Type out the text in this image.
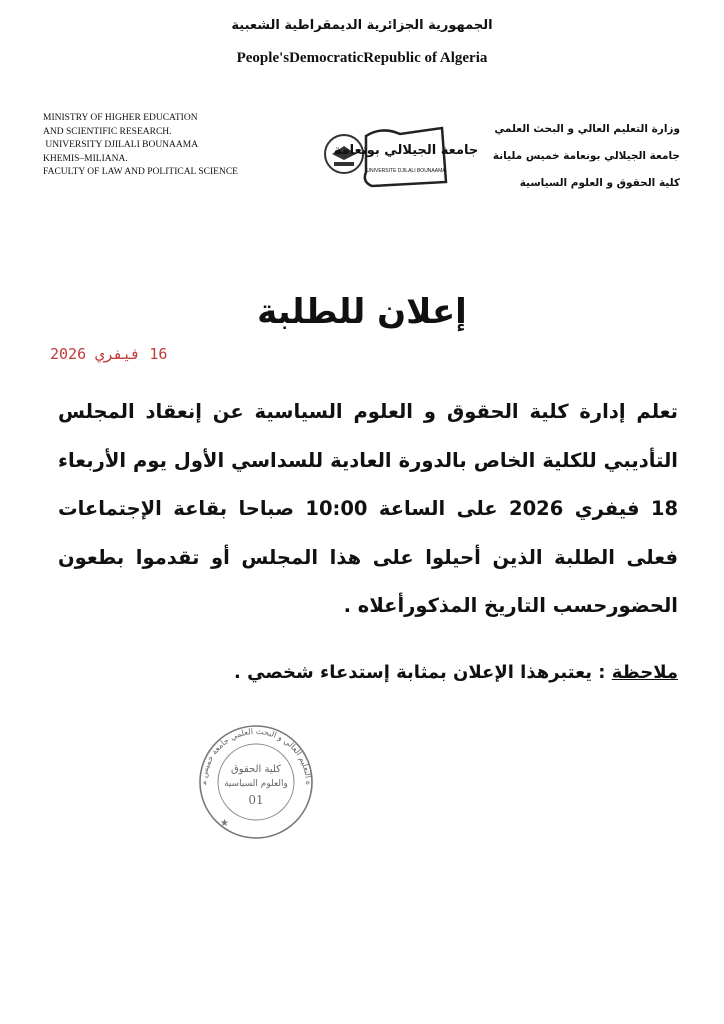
الجمهورية الجزائرية الديمقراطية الشعبية
People'sDemocraticRepublic of Algeria
MINISTRY OF HIGHER EDUCATION
AND SCIENTIFIC RESEARCH.
UNIVERSITY DJILALI BOUNAAMA
KHEMIS–MILIANA.
FACULTY OF LAW AND POLITICAL SCIENCE
جامعة الجيلالي بونعامة
UNIVERSITE DJILALI BOUNAAMA
وزارة التعليم العالي و البحث العلمي
جامعة الجيلالي بونعامة خميس مليانة
كلية الحقوق و العلوم السياسية
إعلان للطلبة
16 فيفري 2026
تعلم إدارة كلية الحقوق و العلوم السياسية عن إنعقاد المجلس التأديبي للكلية الخاص بالدورة العادية للسداسي الأول يوم الأربعاء 18 فيفري 2026 على الساعة 10:00 صباحا بقاعة الإجتماعات فعلى الطلبة الذين أحيلوا على هذا المجلس أو تقدموا بطعون الحضورحسب التاريخ المذكورأعلاه .
ملاحظة : يعتبرهذا الإعلان بمثابة إستدعاء شخصي .
ة التعليم العالي و البحث العلمي جامعة خميس م
كلية الحقوق
والعلوم السياسية
01
★
